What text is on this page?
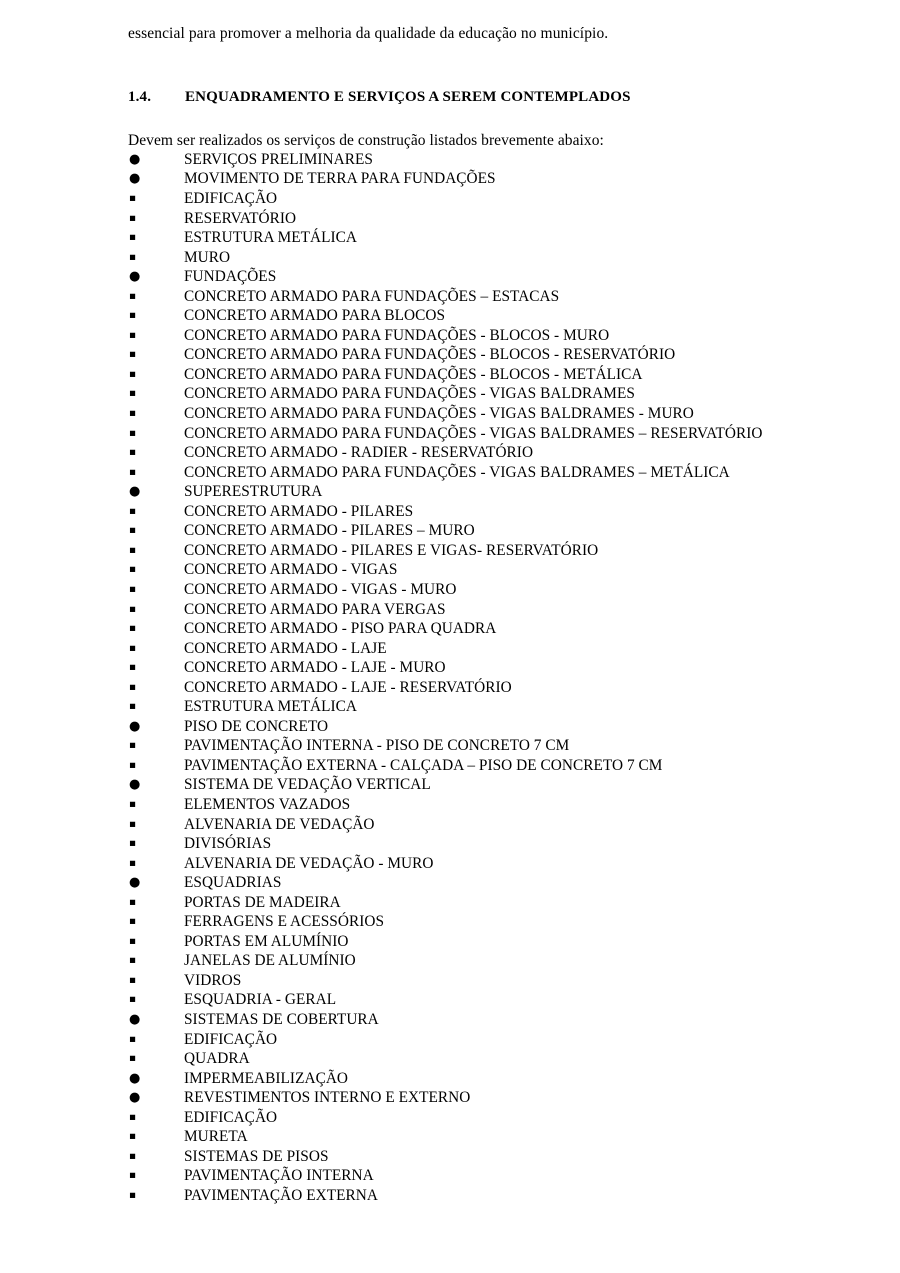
essencial para promover a melhoria da qualidade da educação no município.

1.4.	ENQUADRAMENTO E SERVIÇOS A SEREM CONTEMPLADOS

Devem ser realizados os serviços de construção listados brevemente abaixo:

●	SERVIÇOS PRELIMINARES
●	MOVIMENTO DE TERRA PARA FUNDAÇÕES
▪	EDIFICAÇÃO
▪	RESERVATÓRIO
▪	ESTRUTURA METÁLICA
▪	MURO
●	FUNDAÇÕES
▪	CONCRETO ARMADO PARA FUNDAÇÕES – ESTACAS
▪	CONCRETO ARMADO PARA BLOCOS
▪	CONCRETO ARMADO PARA FUNDAÇÕES - BLOCOS - MURO
▪	CONCRETO ARMADO PARA FUNDAÇÕES - BLOCOS - RESERVATÓRIO
▪	CONCRETO ARMADO PARA FUNDAÇÕES - BLOCOS - METÁLICA
▪	CONCRETO ARMADO PARA FUNDAÇÕES - VIGAS BALDRAMES
▪	CONCRETO ARMADO PARA FUNDAÇÕES - VIGAS BALDRAMES - MURO
▪	CONCRETO ARMADO PARA FUNDAÇÕES - VIGAS BALDRAMES – RESERVATÓRIO
▪	CONCRETO ARMADO - RADIER - RESERVATÓRIO
▪	CONCRETO ARMADO PARA FUNDAÇÕES - VIGAS BALDRAMES – METÁLICA
●	SUPERESTRUTURA
▪	CONCRETO ARMADO - PILARES
▪	CONCRETO ARMADO - PILARES – MURO
▪	CONCRETO ARMADO - PILARES E VIGAS- RESERVATÓRIO
▪	CONCRETO ARMADO - VIGAS
▪	CONCRETO ARMADO - VIGAS - MURO
▪	CONCRETO ARMADO PARA VERGAS
▪	CONCRETO ARMADO - PISO PARA QUADRA
▪	CONCRETO ARMADO - LAJE
▪	CONCRETO ARMADO - LAJE - MURO
▪	CONCRETO ARMADO - LAJE - RESERVATÓRIO
▪	ESTRUTURA METÁLICA
●	PISO DE CONCRETO
▪	PAVIMENTAÇÃO INTERNA - PISO DE CONCRETO 7 CM
▪	PAVIMENTAÇÃO EXTERNA - CALÇADA – PISO DE CONCRETO 7 CM
●	SISTEMA DE VEDAÇÃO VERTICAL
▪	ELEMENTOS VAZADOS
▪	ALVENARIA DE VEDAÇÃO
▪	DIVISÓRIAS
▪	ALVENARIA DE VEDAÇÃO - MURO
●	ESQUADRIAS
▪	PORTAS DE MADEIRA
▪	FERRAGENS E ACESSÓRIOS
▪	PORTAS EM ALUMÍNIO
▪	JANELAS DE ALUMÍNIO
▪	VIDROS
▪	ESQUADRIA - GERAL
●	SISTEMAS DE COBERTURA
▪	EDIFICAÇÃO
▪	QUADRA
●	IMPERMEABILIZAÇÃO
●	REVESTIMENTOS INTERNO E EXTERNO
▪	EDIFICAÇÃO
▪	MURETA
▪	SISTEMAS DE PISOS
▪	PAVIMENTAÇÃO INTERNA
▪	PAVIMENTAÇÃO EXTERNA
